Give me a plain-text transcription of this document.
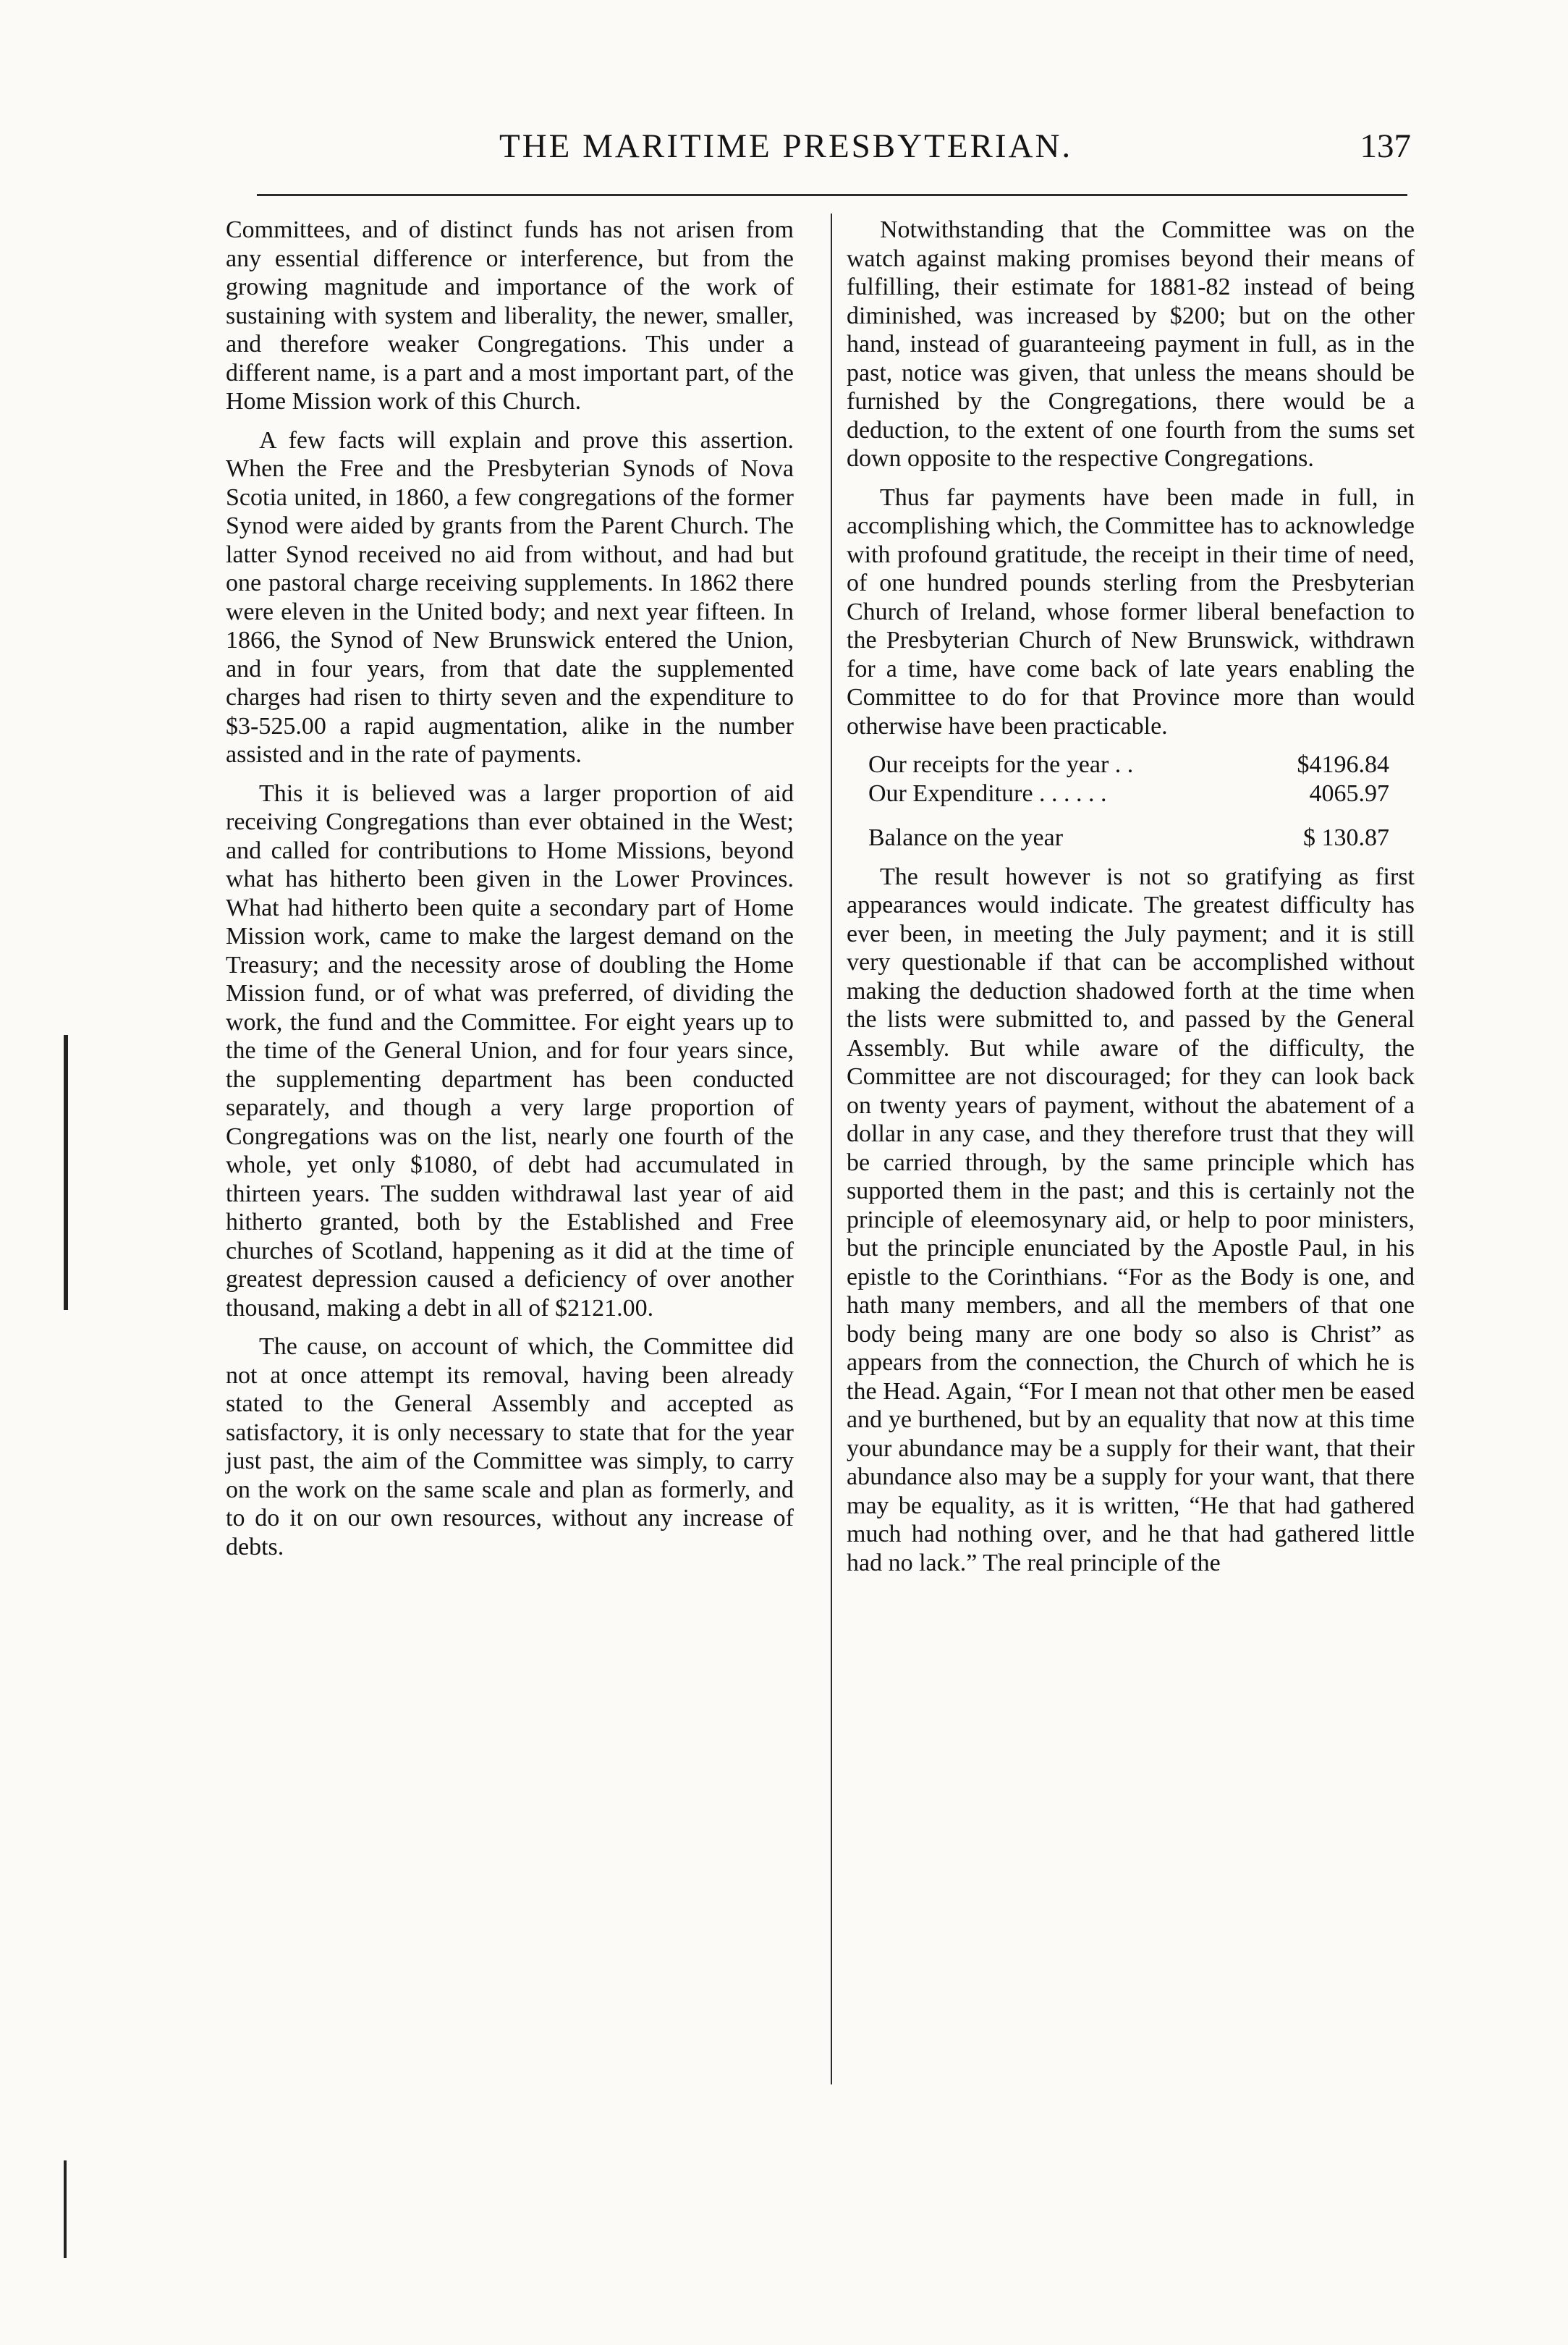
THE MARITIME PRESBYTERIAN.	137

Committees, and of distinct funds has not arisen from any essential difference or interference, but from the growing magnitude and importance of the work of sustaining with system and liberality, the newer, smaller, and therefore weaker Congregations. This under a different name, is a part and a most important part, of the Home Mission work of this Church.

A few facts will explain and prove this assertion. When the Free and the Presbyterian Synods of Nova Scotia united, in 1860, a few congregations of the former Synod were aided by grants from the Parent Church. The latter Synod received no aid from without, and had but one pastoral charge receiving supplements. In 1862 there were eleven in the United body; and next year fifteen. In 1866, the Synod of New Brunswick entered the Union, and in four years, from that date the supplemented charges had risen to thirty seven and the expenditure to $3-525.00 a rapid augmentation, alike in the number assisted and in the rate of payments.

This it is believed was a larger proportion of aid receiving Congregations than ever obtained in the West; and called for contributions to Home Missions, beyond what has hitherto been given in the Lower Provinces. What had hitherto been quite a secondary part of Home Mission work, came to make the largest demand on the Treasury; and the necessity arose of doubling the Home Mission fund, or of what was preferred, of dividing the work, the fund and the Committee. For eight years up to the time of the General Union, and for four years since, the supplementing department has been conducted separately, and though a very large proportion of Congregations was on the list, nearly one fourth of the whole, yet only $1080, of debt had accumulated in thirteen years. The sudden withdrawal last year of aid hitherto granted, both by the Established and Free churches of Scotland, happening as it did at the time of greatest depression caused a deficiency of over another thousand, making a debt in all of $2121.00.

The cause, on account of which, the Committee did not at once attempt its removal, having been already stated to the General Assembly and accepted as satisfactory, it is only necessary to state that for the year just past, the aim of the Committee was simply, to carry on the work on the same scale and plan as formerly, and to do it on our own resources, without any increase of debts.

Notwithstanding that the Committee was on the watch against making promises beyond their means of fulfilling, their estimate for 1881-82 instead of being diminished, was increased by $200; but on the other hand, instead of guaranteeing payment in full, as in the past, notice was given, that unless the means should be furnished by the Congregations, there would be a deduction, to the extent of one fourth from the sums set down opposite to the respective Congregations.

Thus far payments have been made in full, in accomplishing which, the Committee has to acknowledge with profound gratitude, the receipt in their time of need, of one hundred pounds sterling from the Presbyterian Church of Ireland, whose former liberal benefaction to the Presbyterian Church of New Brunswick, withdrawn for a time, have come back of late years enabling the Committee to do for that Province more than would otherwise have been practicable.

Our receipts for the year . .	$4196.84
Our Expenditure . . . . . .	4065.97
Balance on the year	$ 130.87

The result however is not so gratifying as first appearances would indicate. The greatest difficulty has ever been, in meeting the July payment; and it is still very questionable if that can be accomplished without making the deduction shadowed forth at the time when the lists were submitted to, and passed by the General Assembly. But while aware of the difficulty, the Committee are not discouraged; for they can look back on twenty years of payment, without the abatement of a dollar in any case, and they therefore trust that they will be carried through, by the same principle which has supported them in the past; and this is certainly not the principle of eleemosynary aid, or help to poor ministers, but the principle enunciated by the Apostle Paul, in his epistle to the Corinthians. “For as the Body is one, and hath many members, and all the members of that one body being many are one body so also is Christ” as appears from the connection, the Church of which he is the Head. Again, “For I mean not that other men be eased and ye burthened, but by an equality that now at this time your abundance may be a supply for their want, that their abundance also may be a supply for your want, that there may be equality, as it is written, “He that had gathered much had nothing over, and he that had gathered little had no lack.” The real principle of the
